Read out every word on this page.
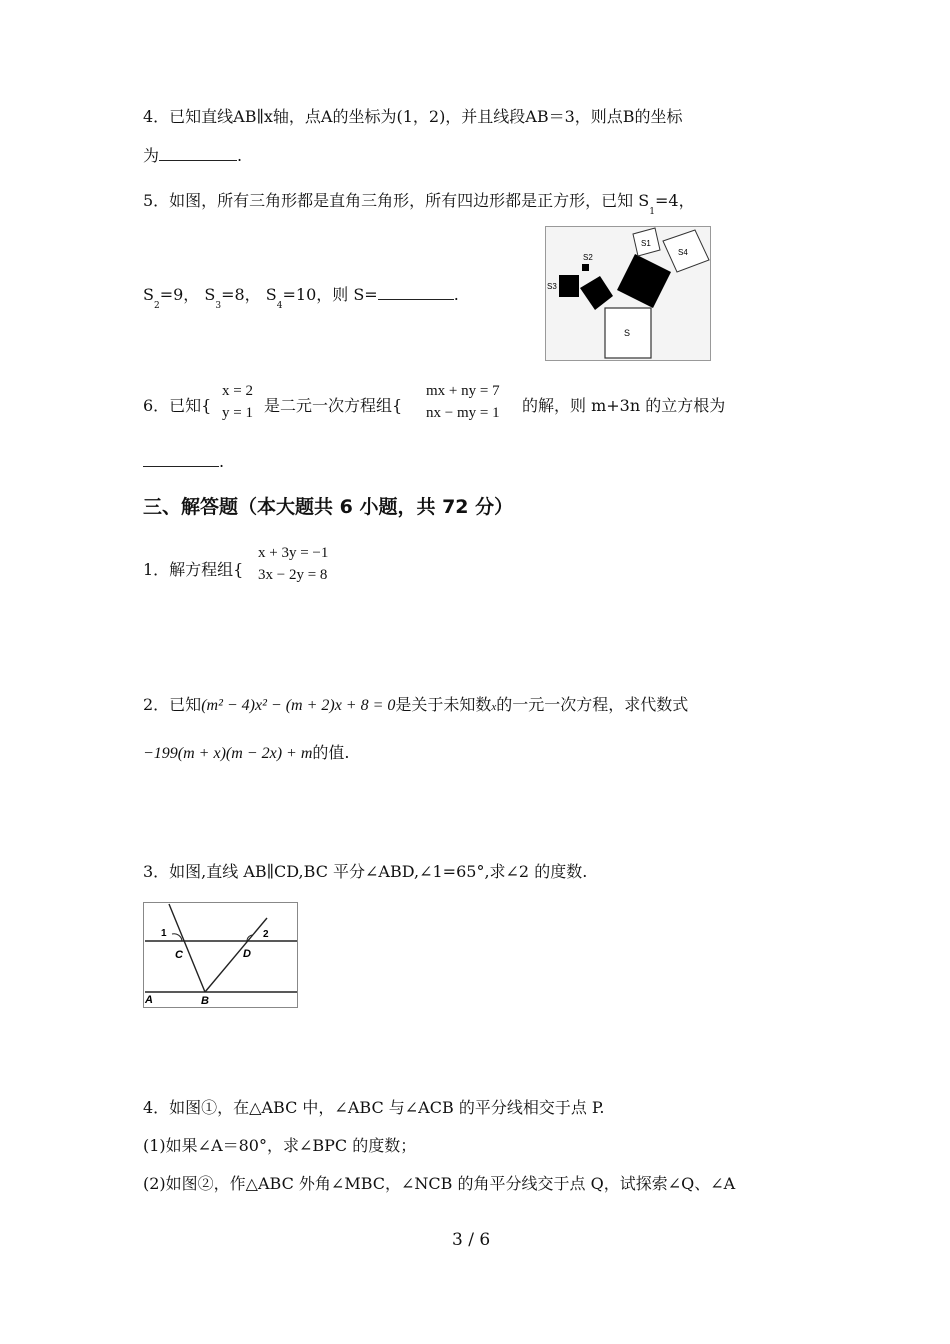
4．已知直线AB∥x轴，点A的坐标为(1，2)，并且线段AB＝3，则点B的坐标
为	.
5．如图，所有三角形都是直角三角形，所有四边形都是正方形，已知 $S_1=4$，
$S_2=9$， $S_3=8$， $S_4=10$，则 S=	.
S
S3
S2
S1
S4
6．已知{
x = 2
y = 1 是二元一次方程组{
mx + ny = 7
nx − my = 1 的解，则 m+3n 的立方根为
.
三、解答题（本大题共 6 小题，共 72 分）
1．解方程组{
x + 3y = −1
3x − 2y = 8
2．已知(m² − 4)x² − (m + 2)x + 8 = 0是关于未知数x的一元一次方程，求代数式
−199(m + x)(m − 2x) + m的值.
3．如图,直线 AB∥CD,BC 平分∠ABD,∠1=65°,求∠2 的度数.
1	2
C	D
A	B
4．如图①，在△ABC 中，∠ABC 与∠ACB 的平分线相交于点 P.
(1)如果∠A＝80°，求∠BPC 的度数；
(2)如图②，作△ABC 外角∠MBC，∠NCB 的角平分线交于点 Q，试探索∠Q、∠A
3 / 6
